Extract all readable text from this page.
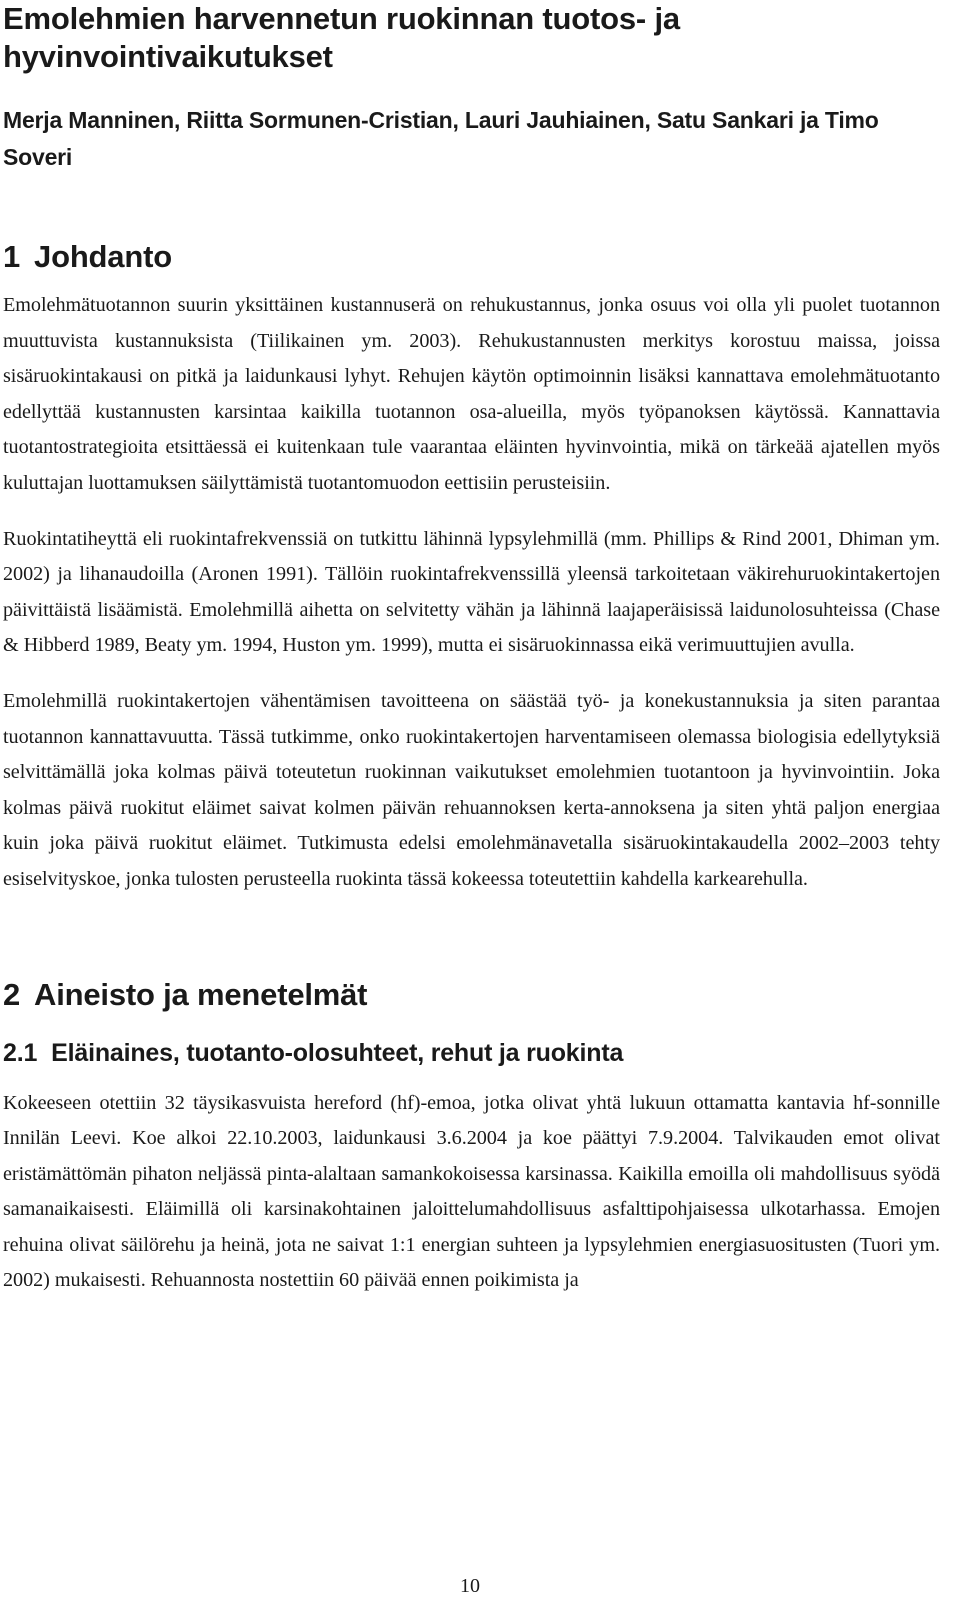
Emolehmien harvennetun ruokinnan tuotos- ja hyvinvointivaikutukset
Merja Manninen, Riitta Sormunen-Cristian, Lauri Jauhiainen, Satu Sankari ja Timo Soveri
1 Johdanto

Emolehmätuotannon suurin yksittäinen kustannuserä on rehukustannus, jonka osuus voi olla yli puolet tuotannon muuttuvista kustannuksista (Tiilikainen ym. 2003). Rehukustannusten merkitys korostuu maissa, joissa sisäruokintakausi on pitkä ja laidunkausi lyhyt. Rehujen käytön optimoinnin lisäksi kannattava emolehmätuotanto edellyttää kustannusten karsintaa kaikilla tuotannon osa-alueilla, myös työpanoksen käytössä. Kannattavia tuotantostrategioita etsittäessä ei kuitenkaan tule vaarantaa eläinten hyvinvointia, mikä on tärkeää ajatellen myös kuluttajan luottamuksen säilyttämistä tuotantomuodon eettisiin perusteisiin.

Ruokintatiheyttä eli ruokintafrekvenssiä on tutkittu lähinnä lypsylehmillä (mm. Phillips & Rind 2001, Dhiman ym. 2002) ja lihanaudoilla (Aronen 1991). Tällöin ruokintafrekvenssillä yleensä tarkoitetaan väkirehuruokintakertojen päivittäistä lisäämistä. Emolehmillä aihetta on selvitetty vähän ja lähinnä laajaperäisissä laidunolosuhteissa (Chase & Hibberd 1989, Beaty ym. 1994, Huston ym. 1999), mutta ei sisäruokinnassa eikä verimuuttujien avulla.

Emolehmillä ruokintakertojen vähentämisen tavoitteena on säästää työ- ja konekustannuksia ja siten parantaa tuotannon kannattavuutta. Tässä tutkimme, onko ruokintakertojen harventamiseen olemassa biologisia edellytyksiä selvittämällä joka kolmas päivä toteutetun ruokinnan vaikutukset emolehmien tuotantoon ja hyvinvointiin. Joka kolmas päivä ruokitut eläimet saivat kolmen päivän rehuannoksen kerta-annoksena ja siten yhtä paljon energiaa kuin joka päivä ruokitut eläimet. Tutkimusta edelsi emolehmänavetalla sisäruokintakaudella 2002–2003 tehty esiselvityskoe, jonka tulosten perusteella ruokinta tässä kokeessa toteutettiin kahdella karkearehulla.

2 Aineisto ja menetelmät
2.1 Eläinaines, tuotanto-olosuhteet, rehut ja ruokinta

Kokeeseen otettiin 32 täysikasvuista hereford (hf)-emoa, jotka olivat yhtä lukuun ottamatta kantavia hf-sonnille Innilän Leevi. Koe alkoi 22.10.2003, laidunkausi 3.6.2004 ja koe päättyi 7.9.2004. Talvikauden emot olivat eristämättömän pihaton neljässä pinta-alaltaan samankokoisessa karsinassa. Kaikilla emoilla oli mahdollisuus syödä samanaikaisesti. Eläimillä oli karsinakohtainen jaloittelumahdollisuus asfalttipohjaisessa ulkotarhassa. Emojen rehuina olivat säilörehu ja heinä, jota ne saivat 1:1 energian suhteen ja lypsylehmien energiasuositusten (Tuori ym. 2002) mukaisesti. Rehuannosta nostettiin 60 päivää ennen poikimista ja

10
